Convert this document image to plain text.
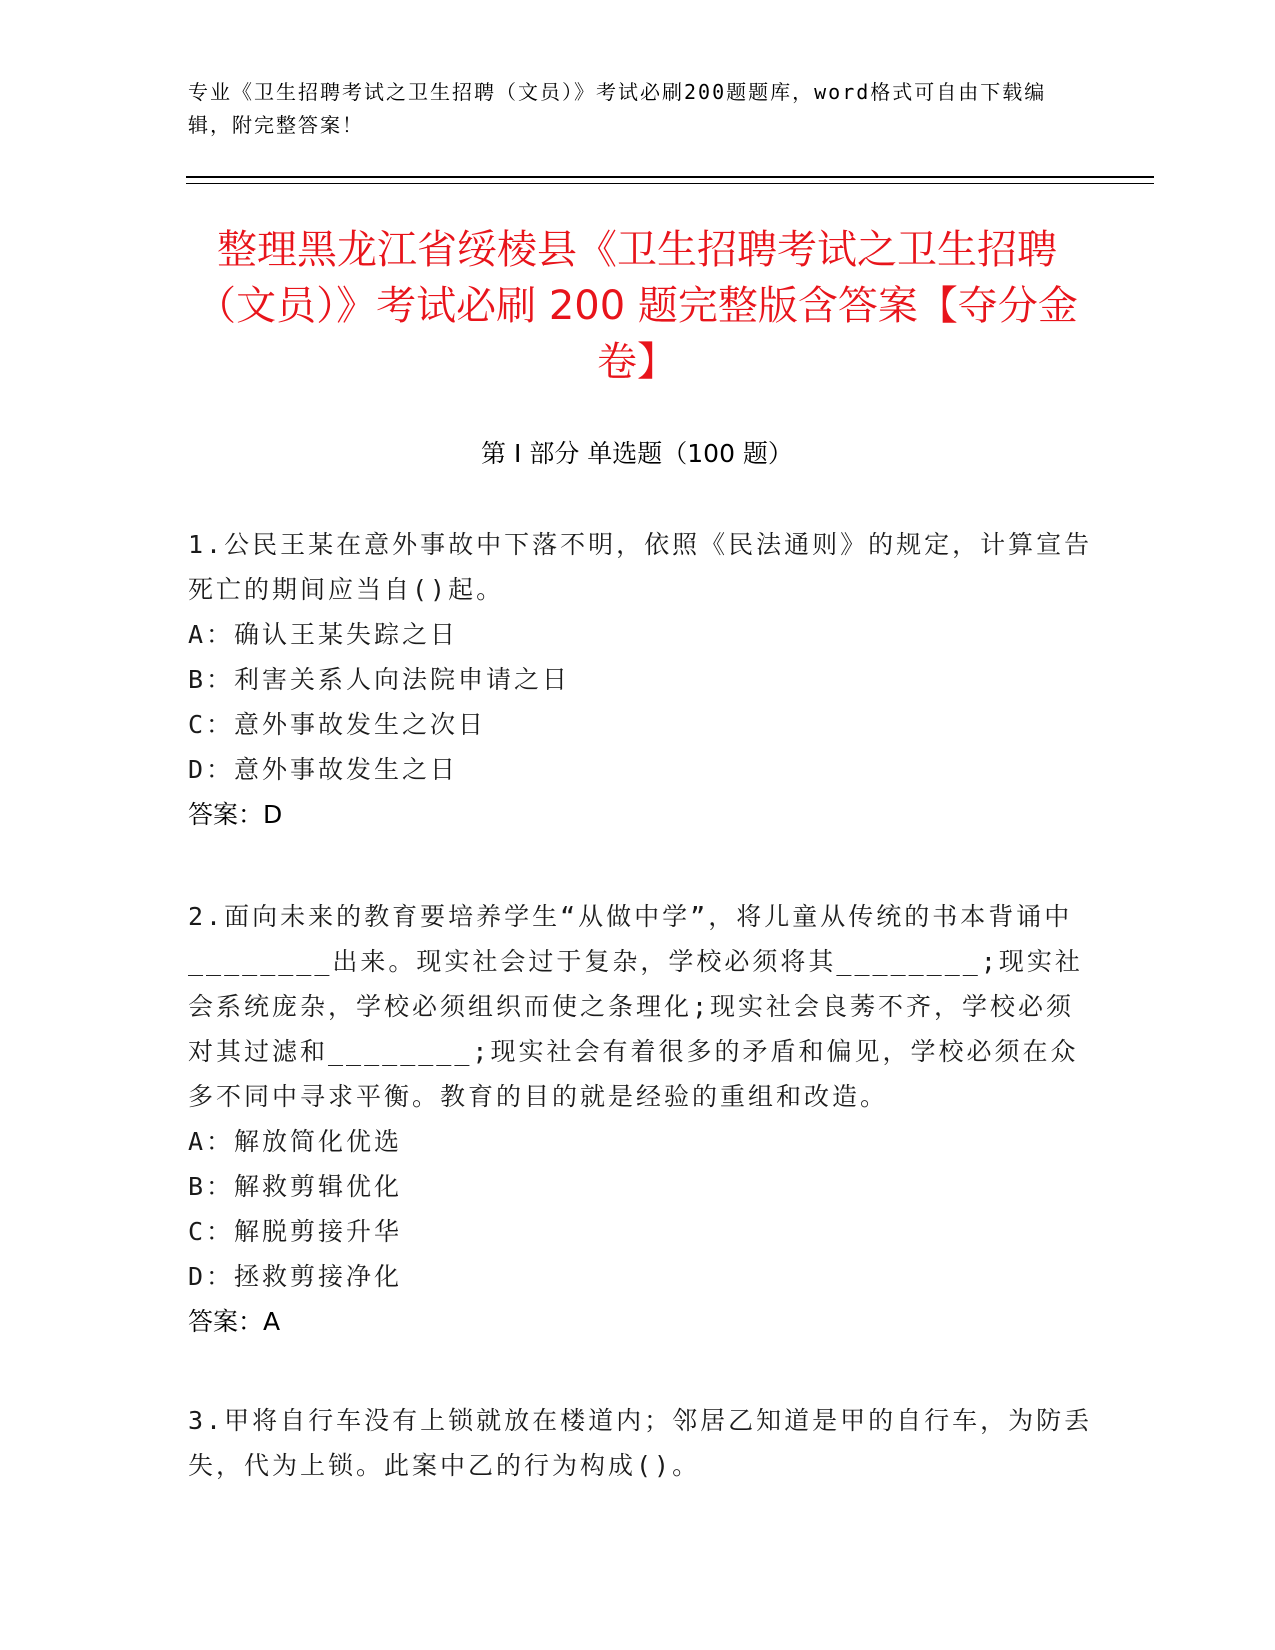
专业《卫生招聘考试之卫生招聘（文员）》考试必刷200题题库，word格式可自由下载编辑，附完整答案！
整理黑龙江省绥棱县《卫生招聘考试之卫生招聘（文员）》考试必刷 200 题完整版含答案【夺分金卷】
第 I 部分 单选题（100 题）

1.公民王某在意外事故中下落不明，依照《民法通则》的规定，计算宣告死亡的期间应当自()起。

A：确认王某失踪之日

B：利害关系人向法院申请之日

C：意外事故发生之次日

D：意外事故发生之日

答案：D

2.面向未来的教育要培养学生“从做中学”，将儿童从传统的书本背诵中________出来。现实社会过于复杂，学校必须将其________;现实社会系统庞杂，学校必须组织而使之条理化;现实社会良莠不齐，学校必须对其过滤和________;现实社会有着很多的矛盾和偏见，学校必须在众多不同中寻求平衡。教育的目的就是经验的重组和改造。

A：解放简化优选

B：解救剪辑优化

C：解脱剪接升华

D：拯救剪接净化

答案：A

3.甲将自行车没有上锁就放在楼道内；邻居乙知道是甲的自行车，为防丢失，代为上锁。此案中乙的行为构成()。
